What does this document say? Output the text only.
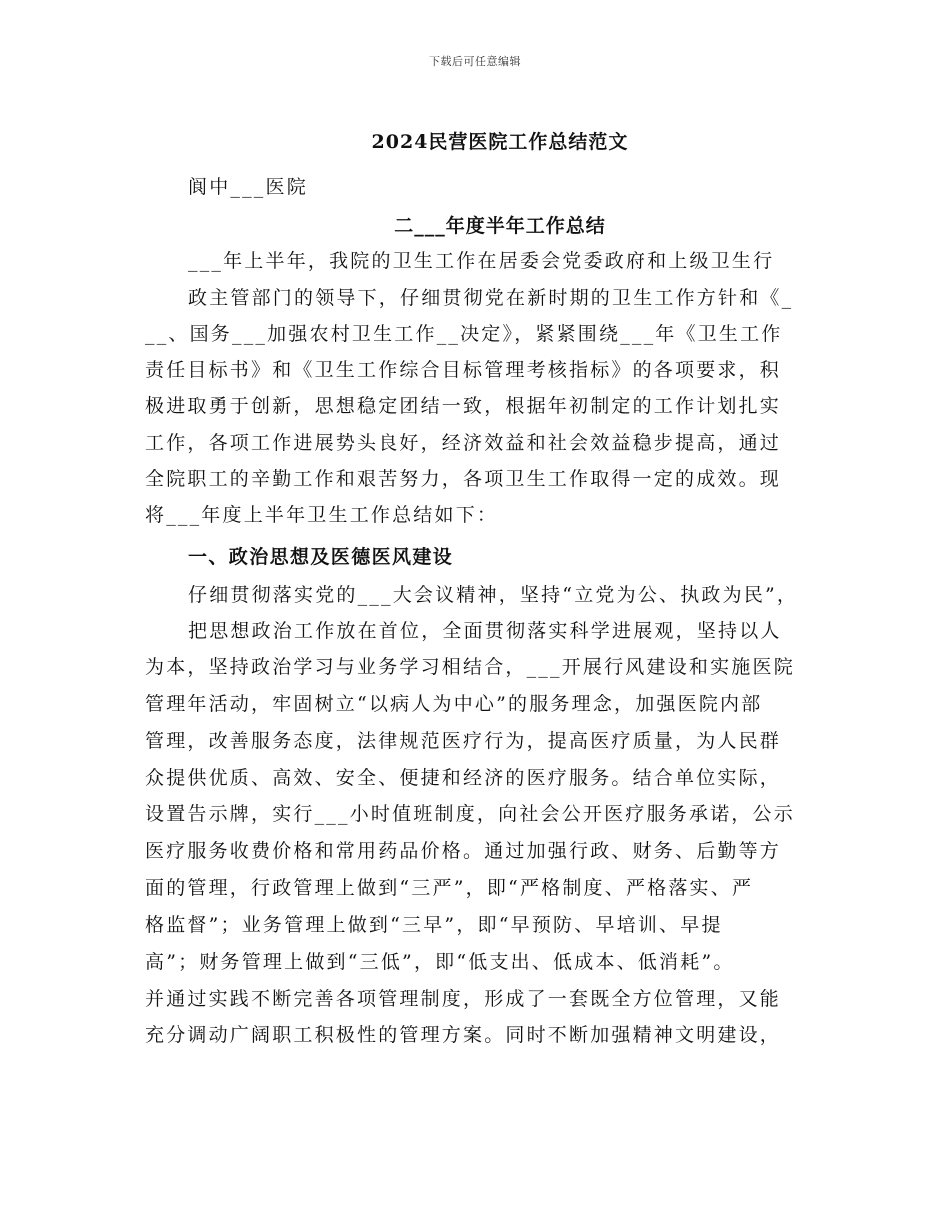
下载后可任意编辑
2024民营医院工作总结范文
阆中___医院
二___年度半年工作总结
___年上半年，我院的卫生工作在居委会党委政府和上级卫生行
政主管部门的领导下，仔细贯彻党在新时期的卫生工作方针和《_
__、国务___加强农村卫生工作__决定》，紧紧围绕___年《卫生工作
责任目标书》和《卫生工作综合目标管理考核指标》的各项要求，积
极进取勇于创新，思想稳定团结一致，根据年初制定的工作计划扎实
工作，各项工作进展势头良好，经济效益和社会效益稳步提高，通过
全院职工的辛勤工作和艰苦努力，各项卫生工作取得一定的成效。现
将___年度上半年卫生工作总结如下：
一、政治思想及医德医风建设
仔细贯彻落实党的___大会议精神，坚持“立党为公、执政为民”，
把思想政治工作放在首位，全面贯彻落实科学进展观，坚持以人
为本，坚持政治学习与业务学习相结合，___开展行风建设和实施医院
管理年活动，牢固树立“以病人为中心”的服务理念，加强医院内部
管理，改善服务态度，法律规范医疗行为，提高医疗质量，为人民群
众提供优质、高效、安全、便捷和经济的医疗服务。结合单位实际，
设置告示牌，实行___小时值班制度，向社会公开医疗服务承诺，公示
医疗服务收费价格和常用药品价格。通过加强行政、财务、后勤等方
面的管理，行政管理上做到“三严”，即“严格制度、严格落实、严
格监督”；业务管理上做到“三早”，即“早预防、早培训、早提
高”；财务管理上做到“三低”，即“低支出、低成本、低消耗”。
并通过实践不断完善各项管理制度，形成了一套既全方位管理，又能
充分调动广阔职工积极性的管理方案。同时不断加强精神文明建设，
